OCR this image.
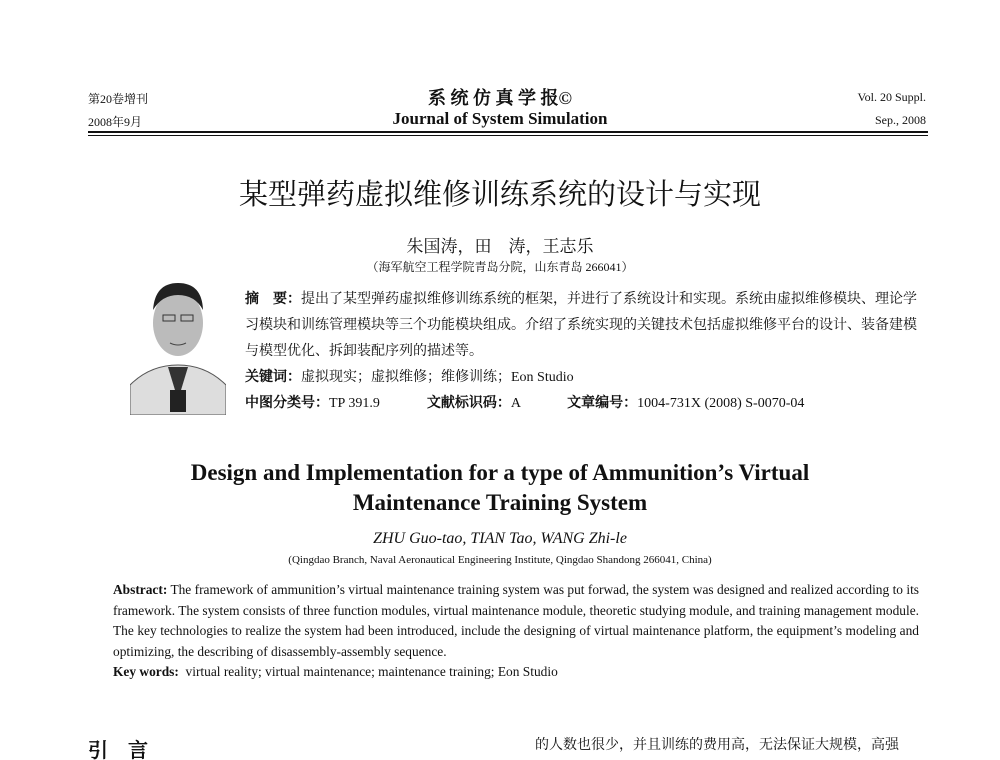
第20卷增刊
2008年9月
系 统 仿 真 学 报©
Journal of System Simulation
Vol. 20 Suppl.
Sep., 2008
某型弹药虚拟维修训练系统的设计与实现
朱国涛，田　涛，王志乐
（海军航空工程学院青岛分院，山东青岛 266041）
摘　要：提出了某型弹药虚拟维修训练系统的框架，并进行了系统设计和实现。系统由虚拟维修模块、理论学习模块和训练管理模块等三个功能模块组成。介绍了系统实现的关键技术包括虚拟维修平台的设计、装备建模与模型优化、拆卸装配序列的描述等。
关键词：虚拟现实；虚拟维修；维修训练；Eon Studio
中图分类号：TP 391.9	文献标识码：A	文章编号：1004-731X (2008) S-0070-04
Design and Implementation for a type of Ammunition’s Virtual
Maintenance Training System
ZHU Guo-tao, TIAN Tao, WANG Zhi-le
(Qingdao Branch, Naval Aeronautical Engineering Institute, Qingdao Shandong 266041, China)
Abstract: The framework of ammunition’s virtual maintenance training system was put forwad, the system was designed and realized according to its framework. The system consists of three function modules, virtual maintenance module, theoretic studying module, and training management module. The key technologies to realize the system had been introduced, include the designing of virtual maintenance platform, the equipment’s modeling and optimizing, the describing of disassembly-assembly sequence.
Key words: virtual reality; virtual maintenance; maintenance training; Eon Studio
引　言	的人数也很少，并且训练的费用高，无法保证大规模，高强
